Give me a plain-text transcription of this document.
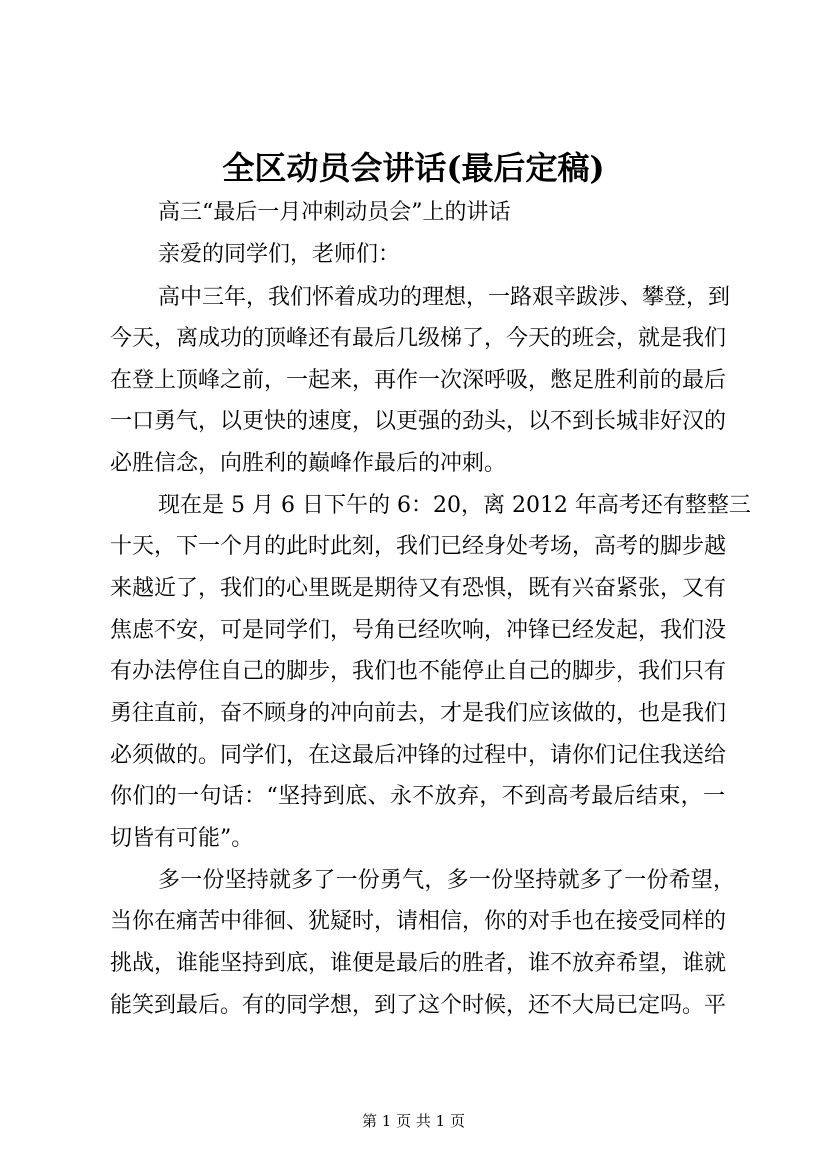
全区动员会讲话(最后定稿)
高三“最后一月冲刺动员会”上的讲话
亲爱的同学们，老师们：
高中三年，我们怀着成功的理想，一路艰辛跋涉、攀登，到
今天，离成功的顶峰还有最后几级梯了，今天的班会，就是我们
在登上顶峰之前，一起来，再作一次深呼吸，憋足胜利前的最后
一口勇气，以更快的速度，以更强的劲头，以不到长城非好汉的
必胜信念，向胜利的巅峰作最后的冲刺。
现在是 5 月 6 日下午的 6：20，离 2012 年高考还有整整三
十天，下一个月的此时此刻，我们已经身处考场，高考的脚步越
来越近了，我们的心里既是期待又有恐惧，既有兴奋紧张，又有
焦虑不安，可是同学们，号角已经吹响，冲锋已经发起，我们没
有办法停住自己的脚步，我们也不能停止自己的脚步，我们只有
勇往直前，奋不顾身的冲向前去，才是我们应该做的，也是我们
必须做的。同学们，在这最后冲锋的过程中，请你们记住我送给
你们的一句话：“坚持到底、永不放弃，不到高考最后结束，一
切皆有可能”。
多一份坚持就多了一份勇气，多一份坚持就多了一份希望，
当你在痛苦中徘徊、犹疑时，请相信，你的对手也在接受同样的
挑战，谁能坚持到底，谁便是最后的胜者，谁不放弃希望，谁就
能笑到最后。有的同学想，到了这个时候，还不大局已定吗。平
第 1 页 共 1 页
